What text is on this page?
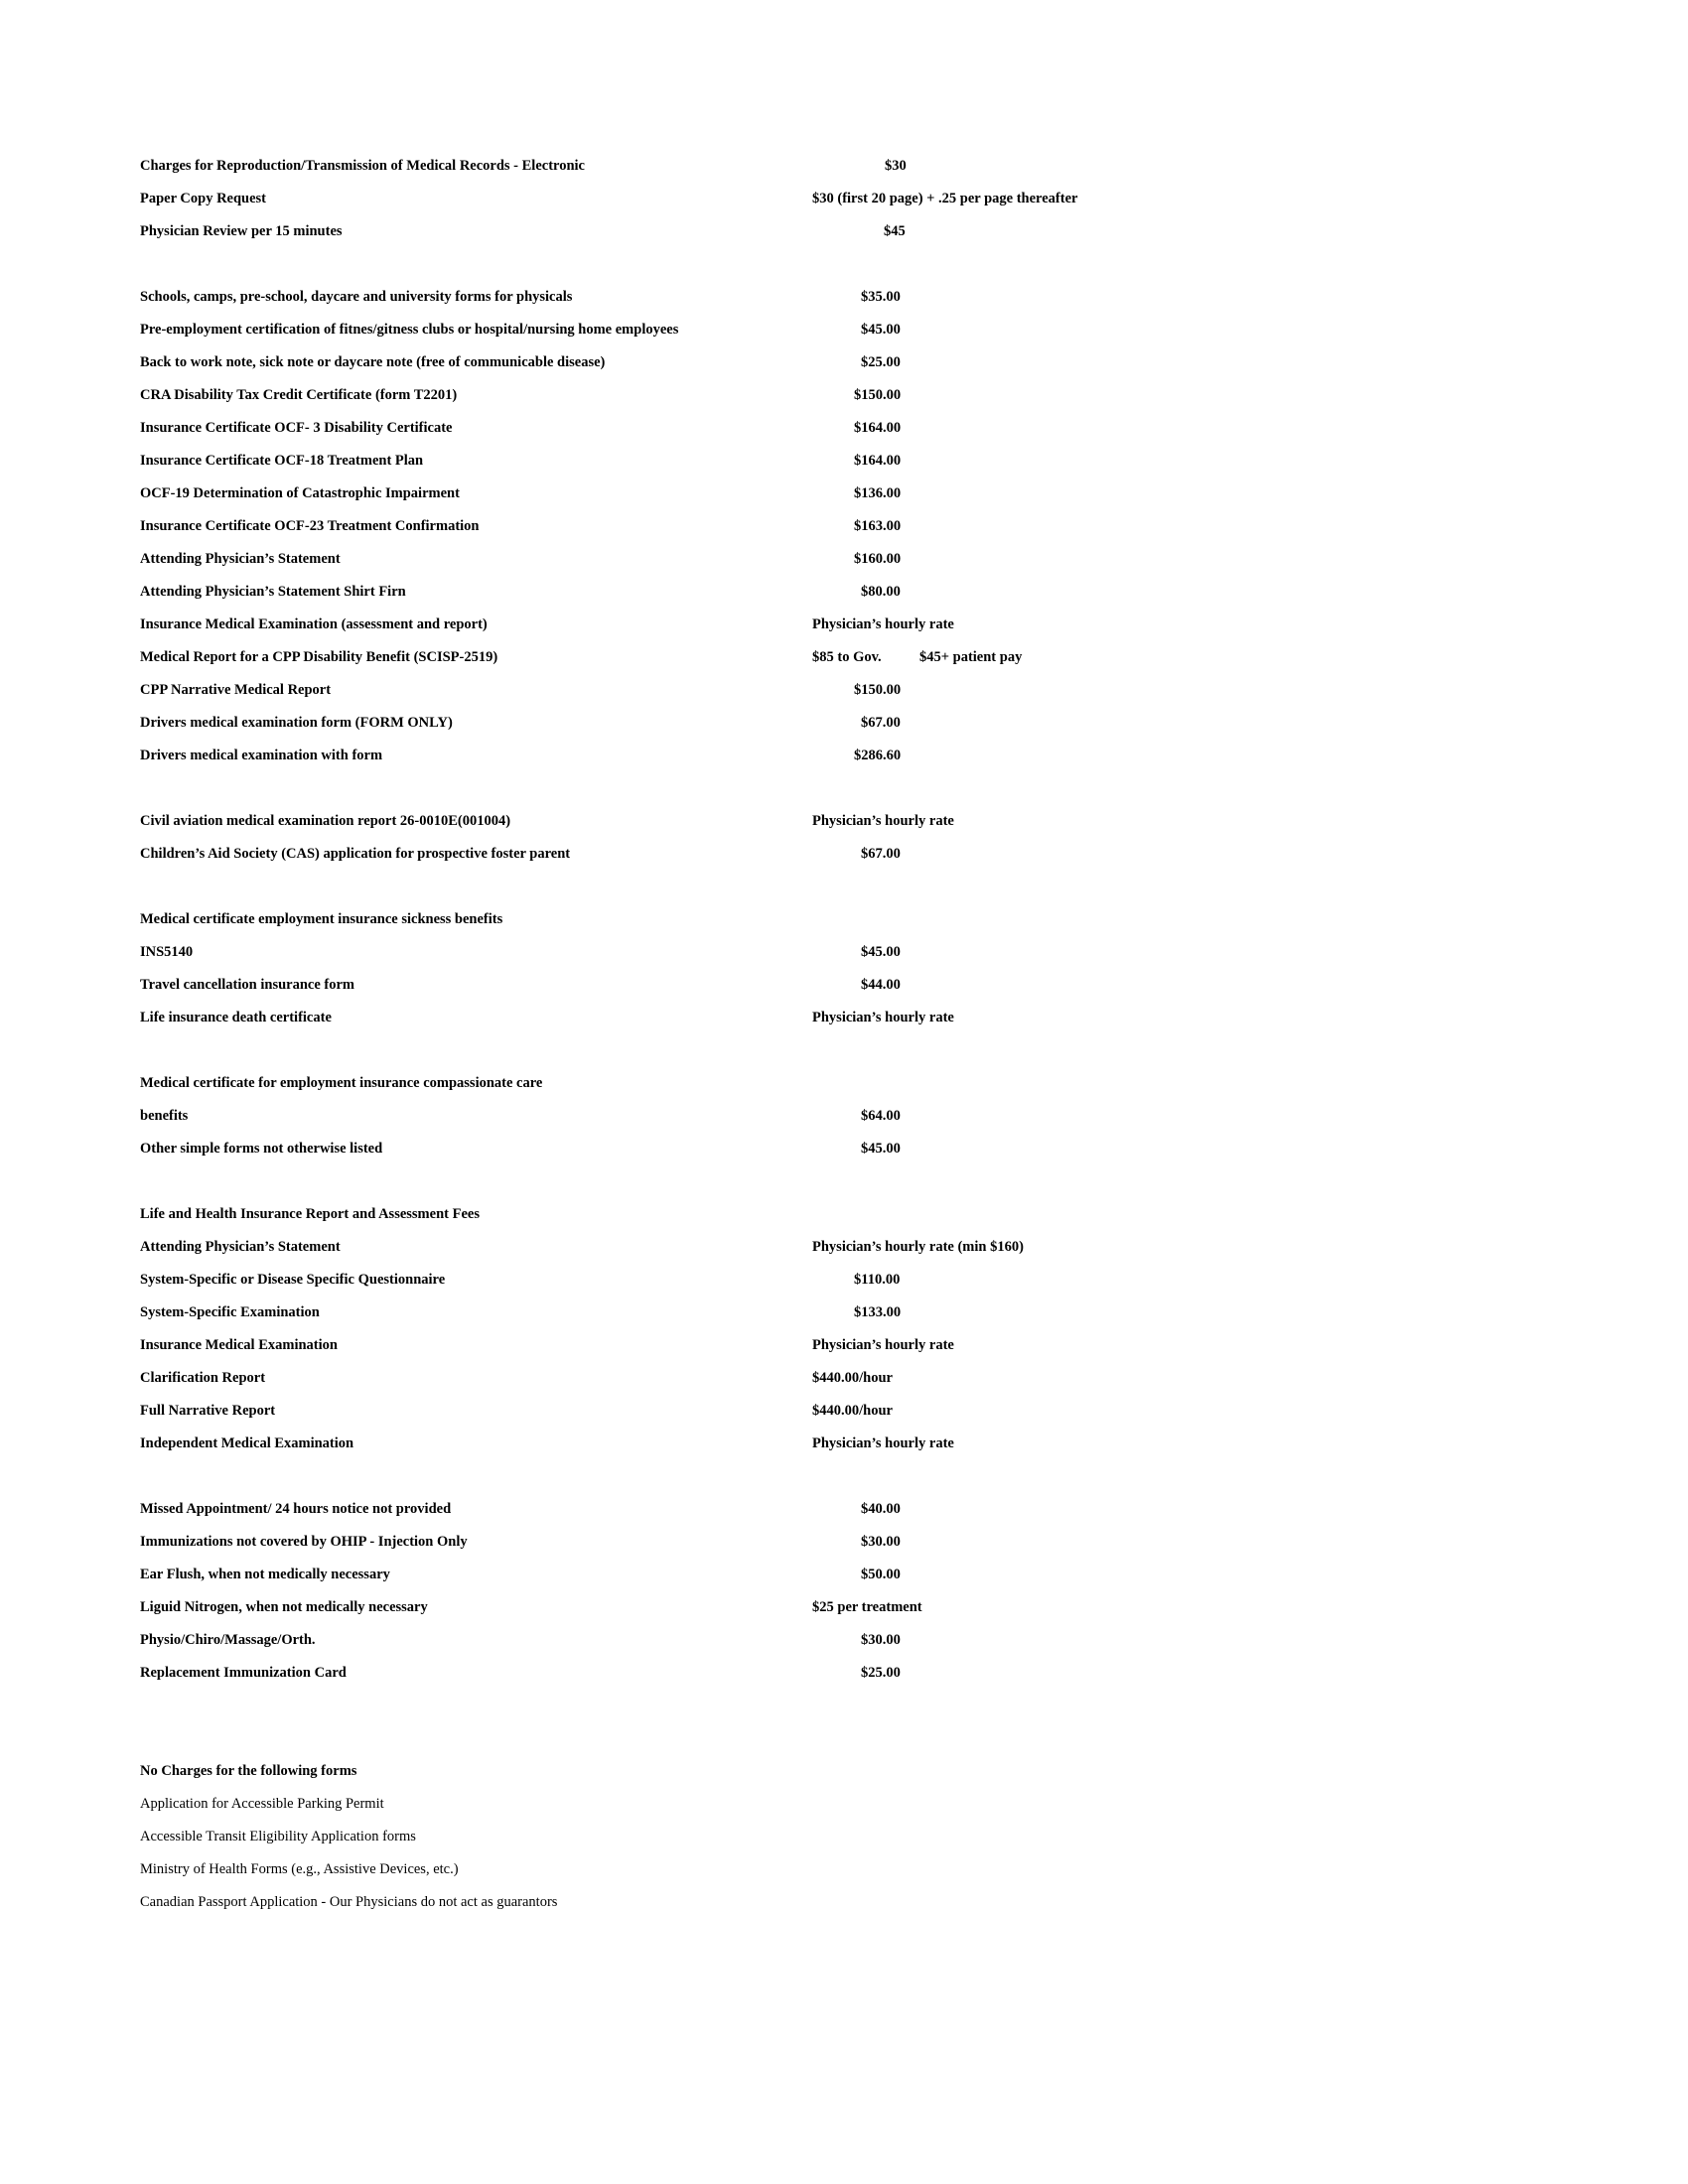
Charges for Reproduction/Transmission of Medical Records - Electronic	$30
Paper Copy Request	$30 (first 20 page) + .25 per page thereafter
Physician Review per 15 minutes	$45
Schools, camps, pre-school, daycare and university forms for physicals	$35.00
Pre-employment certification of fitnes/gitness clubs or hospital/nursing home employees	$45.00
Back to work note, sick note or daycare note (free of communicable disease)	$25.00
CRA Disability Tax Credit Certificate (form T2201)	$150.00
Insurance Certificate OCF- 3 Disability Certificate	$164.00
Insurance Certificate OCF-18 Treatment Plan	$164.00
OCF-19 Determination of Catastrophic Impairment	$136.00
Insurance Certificate OCF-23 Treatment Confirmation	$163.00
Attending Physician’s Statement	$160.00
Attending Physician’s Statement Shirt Firn	$80.00
Insurance Medical Examination (assessment and report)	Physician’s hourly rate
Medical Report for a CPP Disability Benefit (SCISP-2519)	$85 to Gov.	$45+ patient pay
CPP Narrative Medical Report	$150.00
Drivers medical examination form (FORM ONLY)	$67.00
Drivers medical examination with form	$286.60
Civil aviation medical examination report 26-0010E(001004)	Physician’s hourly rate
Children’s Aid Society (CAS) application for prospective foster parent	$67.00
Medical certificate employment insurance sickness benefits
INS5140	$45.00
Travel cancellation insurance form	$44.00
Life insurance death certificate	Physician’s hourly rate
Medical certificate for employment insurance compassionate care
benefits	$64.00
Other simple forms not otherwise listed	$45.00
Life and Health Insurance Report and Assessment Fees
Attending Physician’s Statement	Physician’s hourly rate (min $160)
System-Specific or Disease Specific Questionnaire	$110.00
System-Specific Examination	$133.00
Insurance Medical Examination	Physician’s hourly rate
Clarification Report	$440.00/hour
Full Narrative Report	$440.00/hour
Independent Medical Examination	Physician’s hourly rate
Missed Appointment/ 24 hours notice not provided	$40.00
Immunizations not covered by OHIP - Injection Only	$30.00
Ear Flush, when not medically necessary	$50.00
Liguid Nitrogen, when not medically necessary	$25 per treatment
Physio/Chiro/Massage/Orth.	$30.00
Replacement Immunization Card	$25.00
No Charges for the following forms
Application for Accessible Parking Permit
Accessible Transit Eligibility Application forms
Ministry of Health Forms (e.g., Assistive Devices, etc.)
Canadian Passport Application - Our Physicians do not act as guarantors
